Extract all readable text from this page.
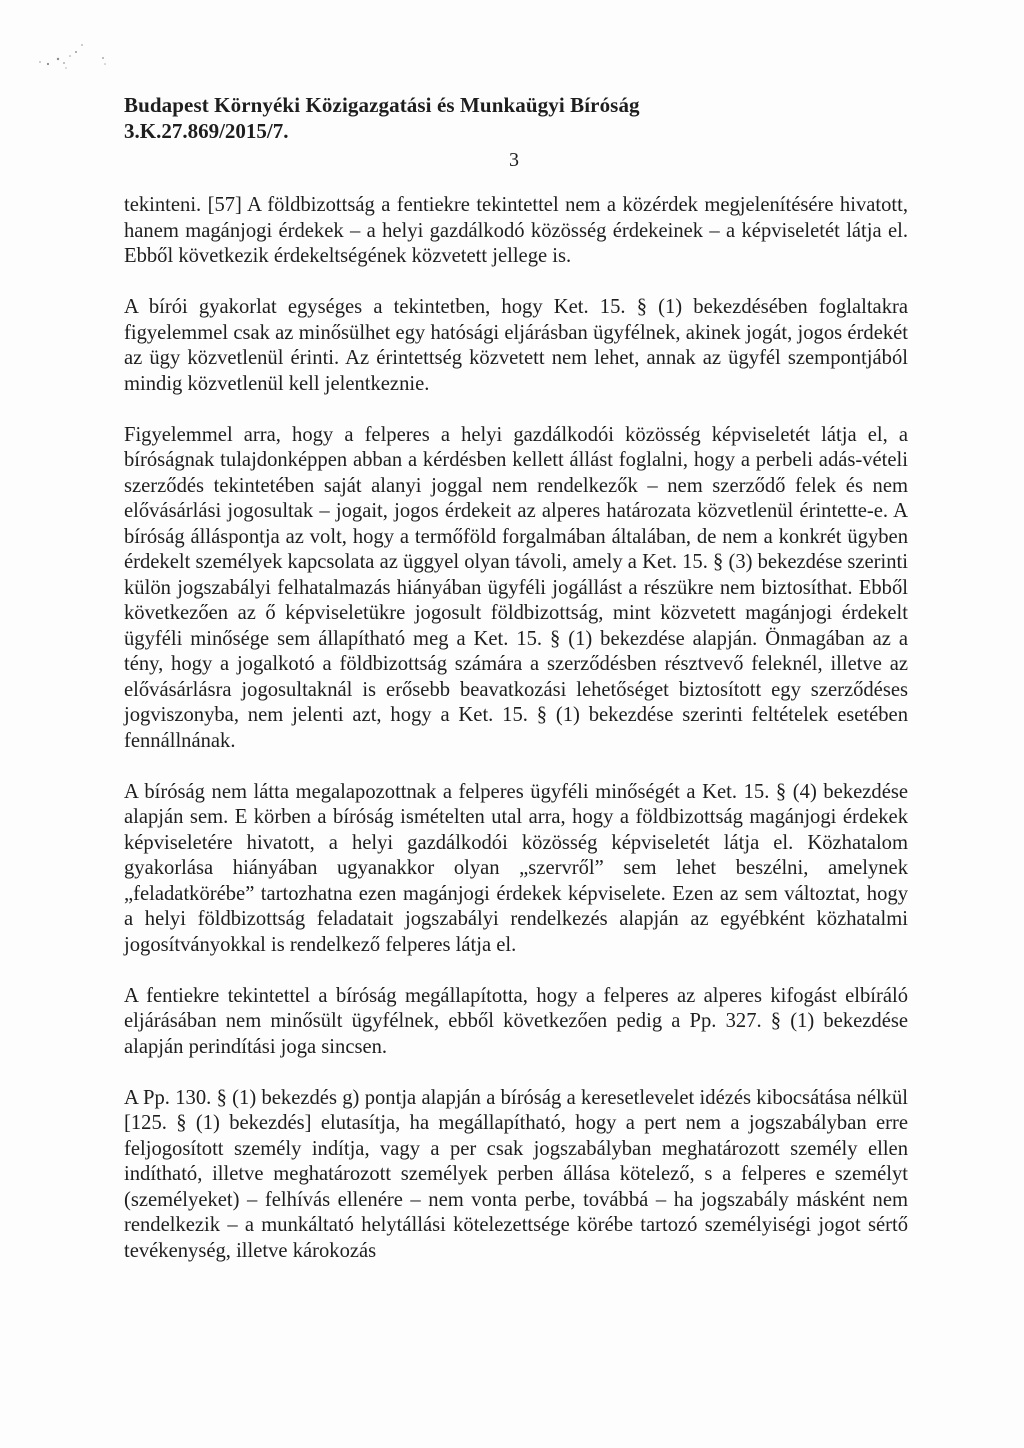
Budapest Környéki Közigazgatási és Munkaügyi Bíróság

3.K.27.869/2015/7.

3

tekinteni. [57] A földbizottság a fentiekre tekintettel nem a közérdek megjelenítésére hivatott, hanem magánjogi érdekek – a helyi gazdálkodó közösség érdekeinek – a képviseletét látja el. Ebből következik érdekeltségének közvetett jellege is.

A bírói gyakorlat egységes a tekintetben, hogy Ket. 15. § (1) bekezdésében foglaltakra figyelemmel csak az minősülhet egy hatósági eljárásban ügyfélnek, akinek jogát, jogos érdekét az ügy közvetlenül érinti. Az érintettség közvetett nem lehet, annak az ügyfél szempontjából mindig közvetlenül kell jelentkeznie.

Figyelemmel arra, hogy a felperes a helyi gazdálkodói közösség képviseletét látja el, a bíróságnak tulajdonképpen abban a kérdésben kellett állást foglalni, hogy a perbeli adás-vételi szerződés tekintetében saját alanyi joggal nem rendelkezők – nem szerződő felek és nem elővásárlási jogosultak – jogait, jogos érdekeit az alperes határozata közvetlenül érintette-e. A bíróság álláspontja az volt, hogy a termőföld forgalmában általában, de nem a konkrét ügyben érdekelt személyek kapcsolata az üggyel olyan távoli, amely a Ket. 15. § (3) bekezdése szerinti külön jogszabályi felhatalmazás hiányában ügyféli jogállást a részükre nem biztosíthat. Ebből következően az ő képviseletükre jogosult földbizottság, mint közvetett magánjogi érdekelt ügyféli minősége sem állapítható meg a Ket. 15. § (1) bekezdése alapján. Önmagában az a tény, hogy a jogalkotó a földbizottság számára a szerződésben résztvevő feleknél, illetve az elővásárlásra jogosultaknál is erősebb beavatkozási lehetőséget biztosított egy szerződéses jogviszonyba, nem jelenti azt, hogy a Ket. 15. § (1) bekezdése szerinti feltételek esetében fennállnának.

A bíróság nem látta megalapozottnak a felperes ügyféli minőségét a Ket. 15. § (4) bekezdése alapján sem. E körben a bíróság ismételten utal arra, hogy a földbizottság magánjogi érdekek képviseletére hivatott, a helyi gazdálkodói közösség képviseletét látja el. Közhatalom gyakorlása hiányában ugyanakkor olyan „szervről” sem lehet beszélni, amelynek „feladatkörébe” tartozhatna ezen magánjogi érdekek képviselete. Ezen az sem változtat, hogy a helyi földbizottság feladatait jogszabályi rendelkezés alapján az egyébként közhatalmi jogosítványokkal is rendelkező felperes látja el.

A fentiekre tekintettel a bíróság megállapította, hogy a felperes az alperes kifogást elbíráló eljárásában nem minősült ügyfélnek, ebből következően pedig a Pp. 327. § (1) bekezdése alapján perindítási joga sincsen.

A Pp. 130. § (1) bekezdés g) pontja alapján a bíróság a keresetlevelet idézés kibocsátása nélkül [125. § (1) bekezdés] elutasítja, ha megállapítható, hogy a pert nem a jogszabályban erre feljogosított személy indítja, vagy a per csak jogszabályban meghatározott személy ellen indítható, illetve meghatározott személyek perben állása kötelező, s a felperes e személyt (személyeket) – felhívás ellenére – nem vonta perbe, továbbá – ha jogszabály másként nem rendelkezik – a munkáltató helytállási kötelezettsége körébe tartozó személyiségi jogot sértő tevékenység, illetve károkozás
